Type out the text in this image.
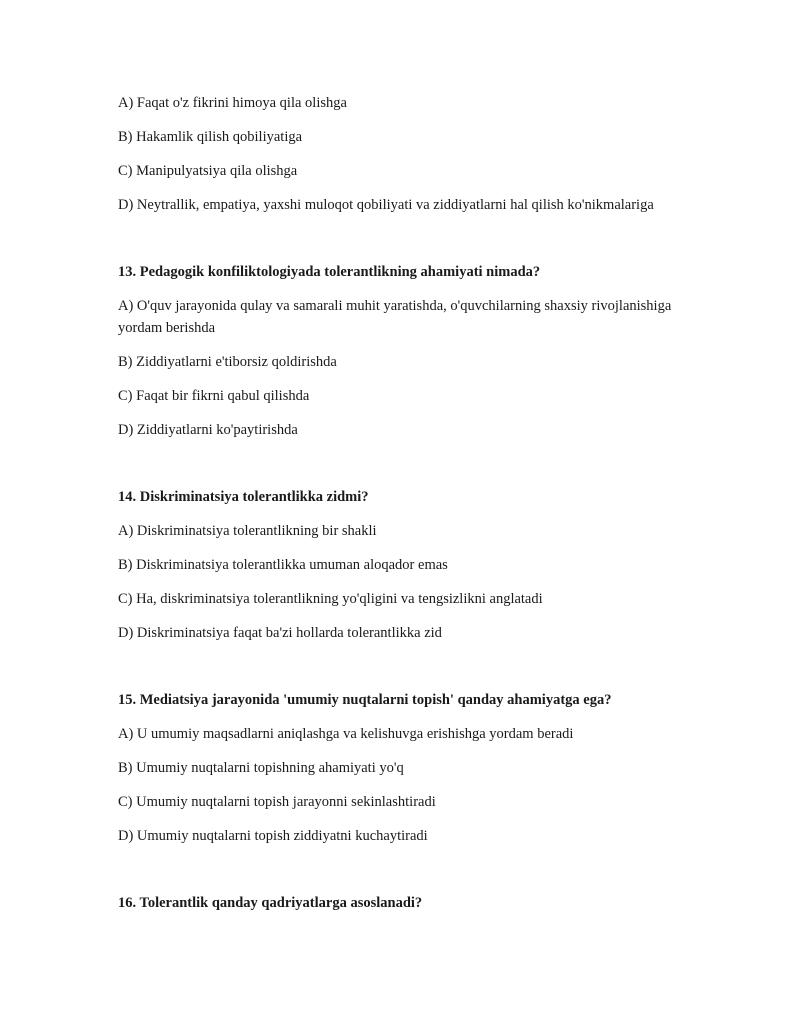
A) Faqat o'z fikrini himoya qila olishga

B) Hakamlik qilish qobiliyatiga

C) Manipulyatsiya qila olishga

D) Neytrallik, empatiya, yaxshi muloqot qobiliyati va ziddiyatlarni hal qilish ko'nikmalariga

13. Pedagogik konfiliktologiyada tolerantlikning ahamiyati nimada?

A) O'quv jarayonida qulay va samarali muhit yaratishda, o'quvchilarning shaxsiy rivojlanishiga yordam berishda

B) Ziddiyatlarni e'tiborsiz qoldirishda

C) Faqat bir fikrni qabul qilishda

D) Ziddiyatlarni ko'paytirishda

14. Diskriminatsiya tolerantlikka zidmi?

A) Diskriminatsiya tolerantlikning bir shakli

B) Diskriminatsiya tolerantlikka umuman aloqador emas

C) Ha, diskriminatsiya tolerantlikning yo'qligini va tengsizlikni anglatadi

D) Diskriminatsiya faqat ba'zi hollarda tolerantlikka zid

15. Mediatsiya jarayonida 'umumiy nuqtalarni topish' qanday ahamiyatga ega?

A) U umumiy maqsadlarni aniqlashga va kelishuvga erishishga yordam beradi

B) Umumiy nuqtalarni topishning ahamiyati yo'q

C) Umumiy nuqtalarni topish jarayonni sekinlashtiradi

D) Umumiy nuqtalarni topish ziddiyatni kuchaytiradi

16. Tolerantlik qanday qadriyatlarga asoslanadi?
